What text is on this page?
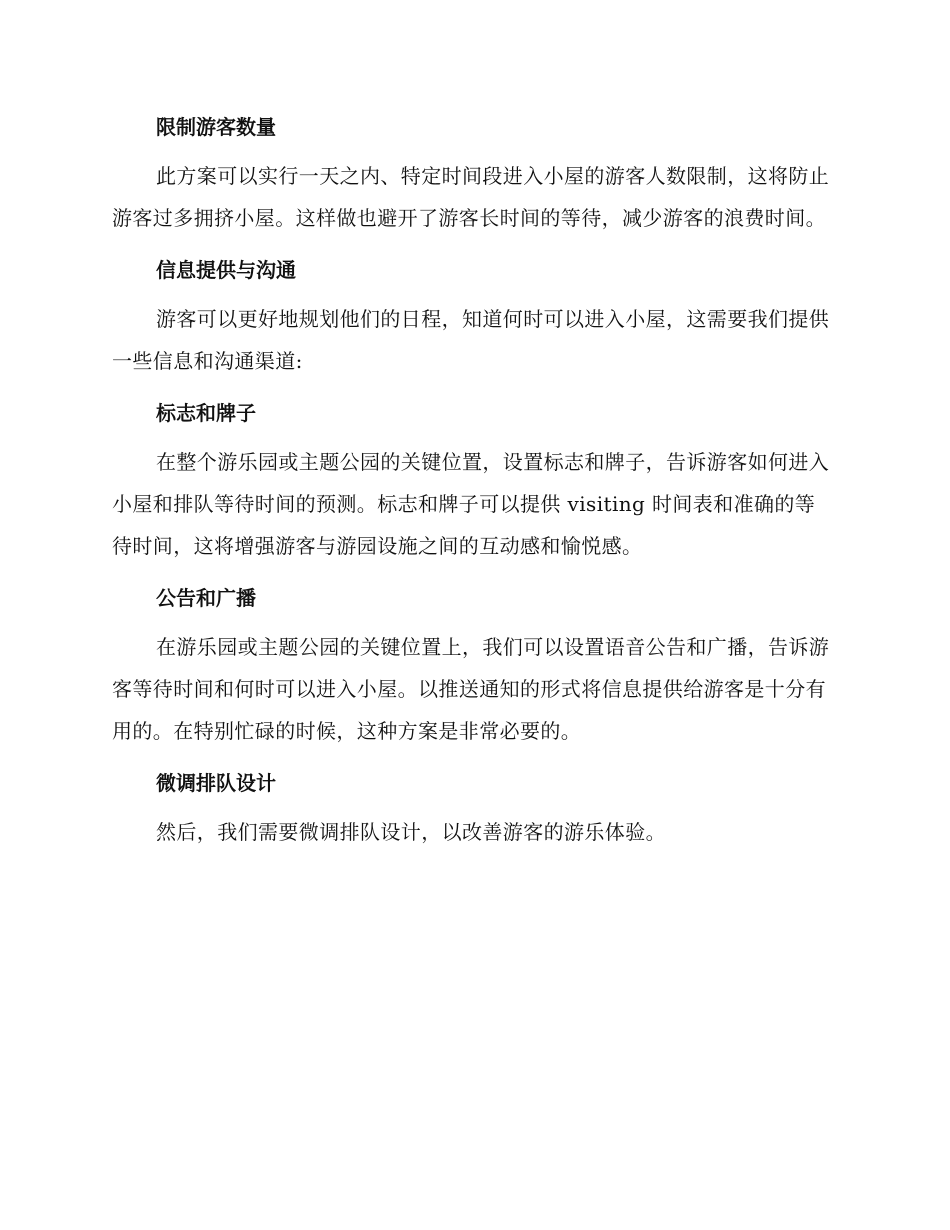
限制游客数量
此方案可以实行一天之内、特定时间段进入小屋的游客人数限制，这将防止游客过多拥挤小屋。这样做也避开了游客长时间的等待，减少游客的浪费时间。
信息提供与沟通
游客可以更好地规划他们的日程，知道何时可以进入小屋，这需要我们提供一些信息和沟通渠道:
标志和牌子
在整个游乐园或主题公园的关键位置，设置标志和牌子，告诉游客如何进入小屋和排队等待时间的预测。标志和牌子可以提供 visiting 时间表和准确的等待时间，这将增强游客与游园设施之间的互动感和愉悦感。
公告和广播
在游乐园或主题公园的关键位置上，我们可以设置语音公告和广播，告诉游客等待时间和何时可以进入小屋。以推送通知的形式将信息提供给游客是十分有用的。在特别忙碌的时候，这种方案是非常必要的。
微调排队设计
然后，我们需要微调排队设计，以改善游客的游乐体验。
